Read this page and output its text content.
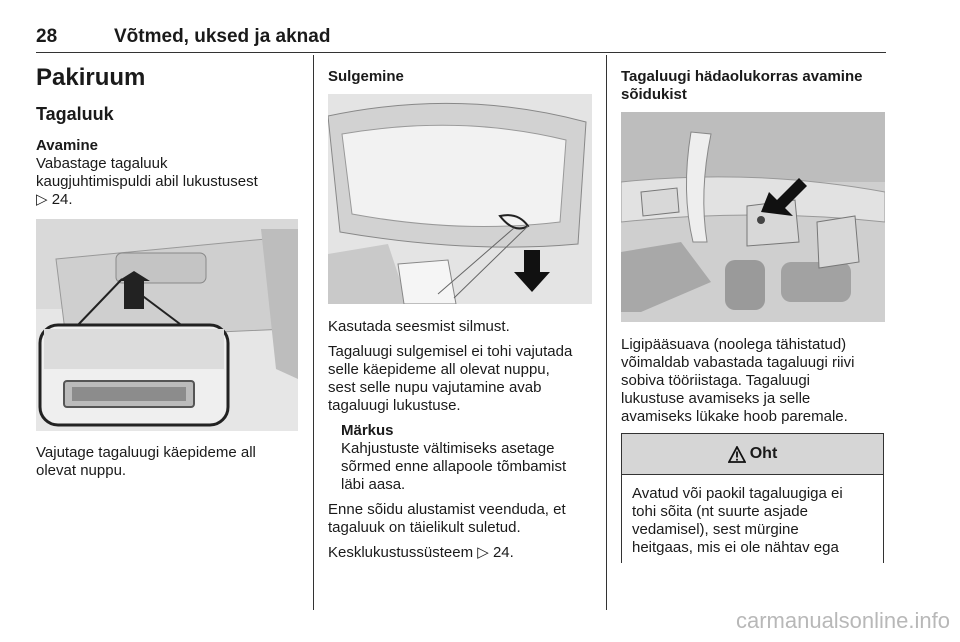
28	Võtmed, uksed ja aknad
Pakiruum
Tagaluuk
Avamine
Vabastage tagaluuk
kaugjuhtimispuldi abil lukustusest
▷ 24.
Vajutage tagaluugi käepideme all
olevat nuppu.
Sulgemine
Kasutada seesmist silmust.
Tagaluugi sulgemisel ei tohi vajutada
selle käepideme all olevat nuppu,
sest selle nupu vajutamine avab
tagaluugi lukustuse.
Märkus
Kahjustuste vältimiseks asetage
sõrmed enne allapoole tõmbamist
läbi aasa.
Enne sõidu alustamist veenduda, et
tagaluuk on täielikult suletud.
Kesklukustussüsteem ▷ 24.
Tagaluugi hädaolukorras avamine
sõidukist
Ligipääsuava (noolega tähistatud)
võimaldab vabastada tagaluugi riivi
sobiva tööriistaga. Tagaluugi
lukustuse avamiseks ja selle
avamiseks lükake hoob paremale.
Oht
Avatud või paokil tagaluugiga ei
tohi sõita (nt suurte asjade
vedamisel), sest mürgine
heitgaas, mis ei ole nähtav ega
carmanualsonline.info
